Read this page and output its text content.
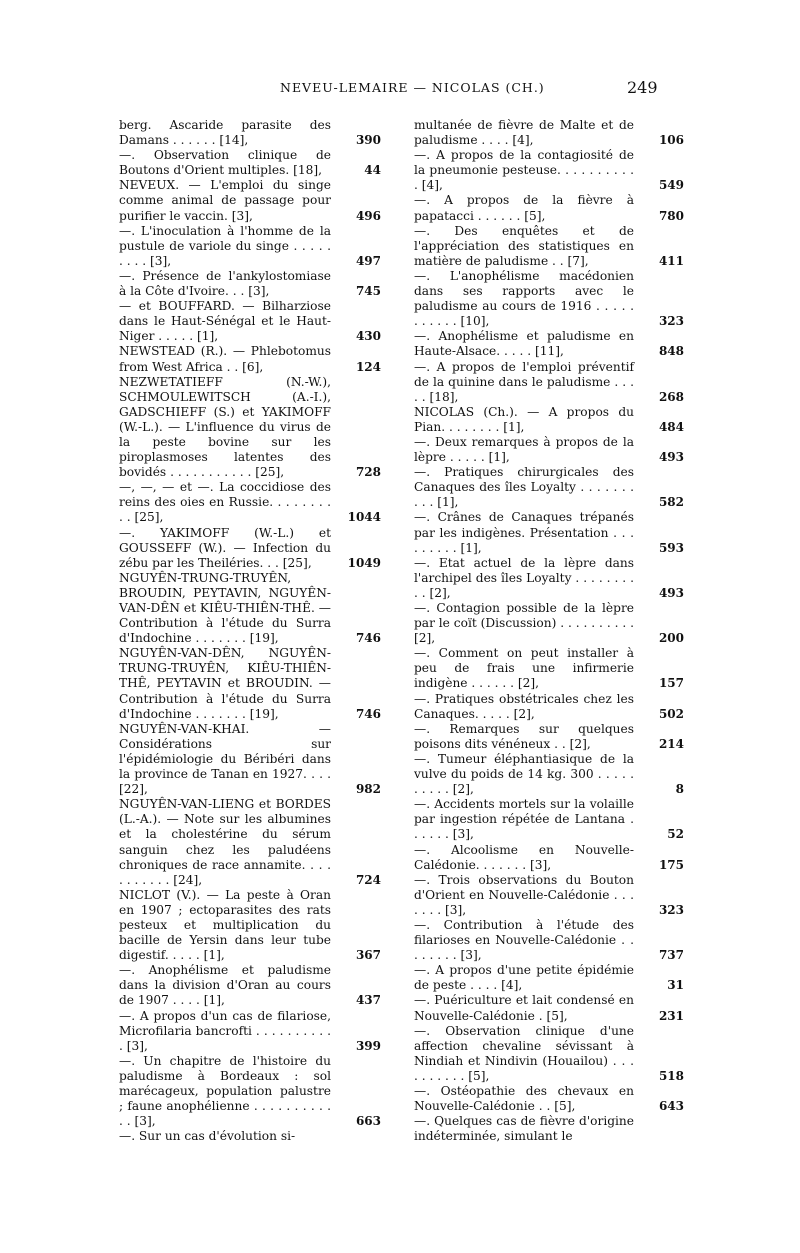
NEVEU-LEMAIRE — NICOLAS (CH.)	249
berg. Ascaride parasite des Damans . . . . . . [14],	390
—. Observation clinique de Boutons d'Orient multiples. [18],	44
NEVEUX. — L'emploi du singe comme animal de passage pour purifier le vaccin. [3],	496
—. L'inoculation à l'homme de la pustule de variole du singe . . . . . . . . . [3],	497
—. Présence de l'ankylostomiase à la Côte d'Ivoire. . . [3],	745
— et BOUFFARD. — Bilharziose dans le Haut-Sénégal et le Haut-Niger . . . . . [1],	430
NEWSTEAD (R.). — Phlebotomus from West Africa . . [6],	124
NEZWETATIEFF (N.-W.), SCHMOULEWITSCH (A.-I.), GADSCHIEFF (S.) et YAKIMOFF (W.-L.). — L'influence du virus de la peste bovine sur les piroplasmoses latentes des bovidés . . . . . . . . . . . [25],	728
—, —, — et —. La coccidiose des reins des oies en Russie. . . . . . . . . . [25],	1044
—. YAKIMOFF (W.-L.) et GOUSSEFF (W.). — Infection du zébu par les Theiléries. . . [25],	1049
NGUYÊN-TRUNG-TRUYÊN, BROUDIN, PEYTAVIN, NGUYÊN-VAN-DÊN et KIÊU-THIÊN-THÊ. — Contribution à l'étude du Surra d'Indochine . . . . . . . [19],	746
NGUYÊN-VAN-DÊN, NGUYÊN-TRUNG-TRUYÊN, KIÊU-THIÊN-THÊ, PEYTAVIN et BROUDIN. — Contribution à l'étude du Surra d'Indochine . . . . . . . [19],	746
NGUYÊN-VAN-KHAI. — Considérations sur l'épidémiologie du Béribéri dans la province de Tanan en 1927. . . . [22],	982
NGUYÊN-VAN-LIENG et BORDES (L.-A.). — Note sur les albumines et la cholestérine du sérum sanguin chez les paludéens chroniques de race annamite. . . . . . . . . . . [24],	724
NICLOT (V.). — La peste à Oran en 1907 ; ectoparasites des rats pesteux et multiplication du bacille de Yersin dans leur tube digestif. . . . . [1],	367
—. Anophélisme et paludisme dans la division d'Oran au cours de 1907 . . . . [1],	437
—. A propos d'un cas de filariose, Microfilaria bancrofti . . . . . . . . . . . [3],	399
—. Un chapitre de l'histoire du paludisme à Bordeaux : sol marécageux, population palustre ; faune anophélienne . . . . . . . . . . . . [3],	663
—. Sur un cas d'évolution si-
multanée de fièvre de Malte et de paludisme . . . . [4],	106
—. A propos de la contagiosité de la pneumonie pesteuse. . . . . . . . . . . [4],	549
—. A propos de la fièvre à papatacci . . . . . . [5],	780
—. Des enquêtes et de l'appréciation des statistiques en matière de paludisme . . [7],	411
—. L'anophélisme macédonien dans ses rapports avec le paludisme au cours de 1916 . . . . . . . . . . . [10],	323
—. Anophélisme et paludisme en Haute-Alsace. . . . . [11],	848
—. A propos de l'emploi préventif de la quinine dans le paludisme . . . . . [18],	268
NICOLAS (Ch.). — A propos du Pian. . . . . . . . [1],	484
—. Deux remarques à propos de la lèpre . . . . . [1],	493
—. Pratiques chirurgicales des Canaques des îles Loyalty . . . . . . . . . . [1],	582
—. Crânes de Canaques trépanés par les indigènes. Présentation . . . . . . . . . [1],	593
—. Etat actuel de la lèpre dans l'archipel des îles Loyalty . . . . . . . . . . [2],	493
—. Contagion possible de la lèpre par le coït (Discussion) . . . . . . . . . . [2],	200
—. Comment on peut installer à peu de frais une infirmerie indigène . . . . . . [2],	157
—. Pratiques obstétricales chez les Canaques. . . . . [2],	502
—. Remarques sur quelques poisons dits vénéneux . . [2],	214
—. Tumeur éléphantiasique de la vulve du poids de 14 kg. 300 . . . . . . . . . . [2],	8
—. Accidents mortels sur la volaille par ingestion répétée de Lantana . . . . . . [3],	52
—. Alcoolisme en Nouvelle-Calédonie. . . . . . . [3],	175
—. Trois observations du Bouton d'Orient en Nouvelle-Calédonie . . . . . . . [3],	323
—. Contribution à l'étude des filarioses en Nouvelle-Calédonie . . . . . . . . [3],	737
—. A propos d'une petite épidémie de peste . . . . [4],	31
—. Puériculture et lait condensé en Nouvelle-Calédonie . [5],	231
—. Observation clinique d'une affection chevaline sévissant à Nindiah et Nindivin (Houailou) . . . . . . . . . . [5],	518
—. Ostéopathie des chevaux en Nouvelle-Calédonie . . [5],	643
—. Quelques cas de fièvre d'origine indéterminée, simulant le
